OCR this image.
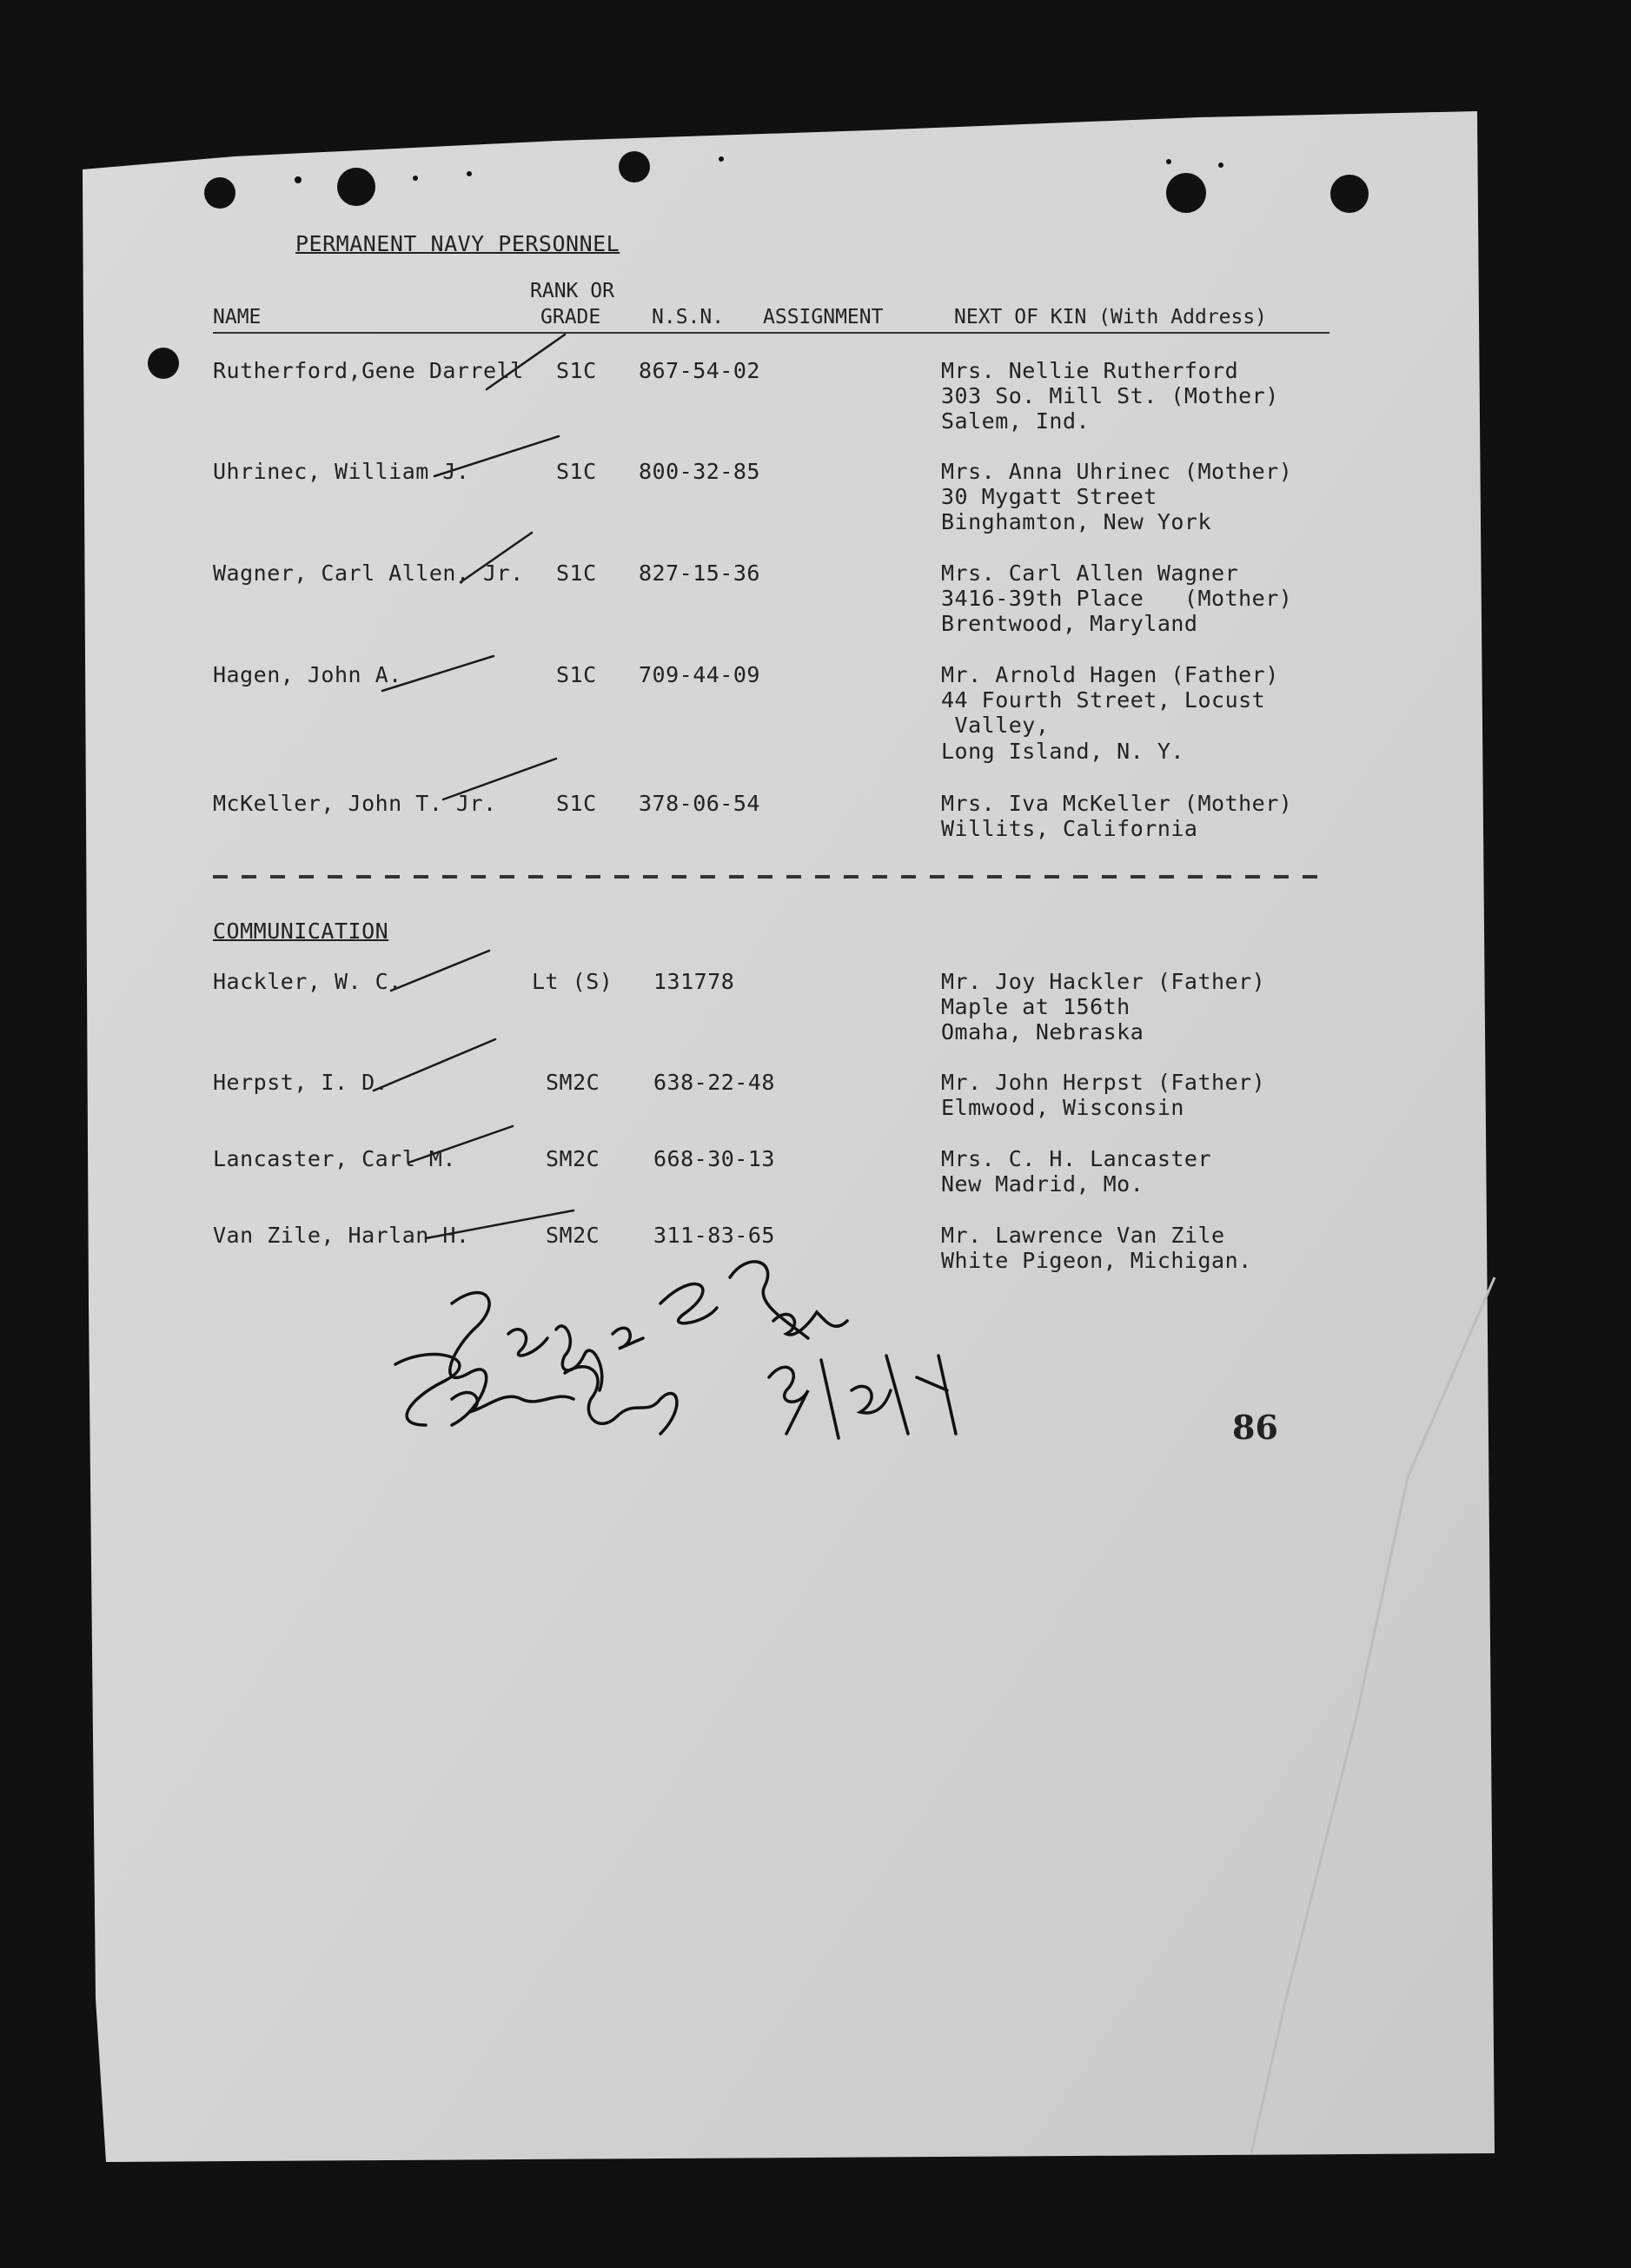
PERMANENT NAVY PERSONNEL
RANK OR
NAME	GRADE	N.S.N. ASSIGNMENT	NEXT OF KIN (With Address)
Rutherford,Gene Darrell S1C 867-54-02	Mrs. Nellie Rutherford
303 So. Mill St. (Mother)
Salem, Ind.
Uhrinec, William J.	S1C 800-32-85	Mrs. Anna Uhrinec (Mother)
30 Mygatt Street
Binghamton, New York
Wagner, Carl Allen, Jr. S1C 827-15-36	Mrs. Carl Allen Wagner
3416-39th Place   (Mother)
Brentwood, Maryland
Hagen, John A.	S1C 709-44-09	Mr. Arnold Hagen (Father)
44 Fourth Street, Locust
Valley,
Long Island, N. Y.
McKeller, John T. Jr.	S1C 378-06-54	Mrs. Iva McKeller (Mother)
Willits, California
COMMUNICATION
Hackler, W. C.	Lt (S) 131778	Mr. Joy Hackler (Father)
Maple at 156th
Omaha, Nebraska
Herpst, I. D.	SM2C 638-22-48	Mr. John Herpst (Father)
Elmwood, Wisconsin
Lancaster, Carl M.	SM2C 668-30-13	Mrs. C. H. Lancaster
New Madrid, Mo.
Van Zile, Harlan H.	SM2C 311-83-65	Mr. Lawrence Van Zile
White Pigeon, Michigan.
86
